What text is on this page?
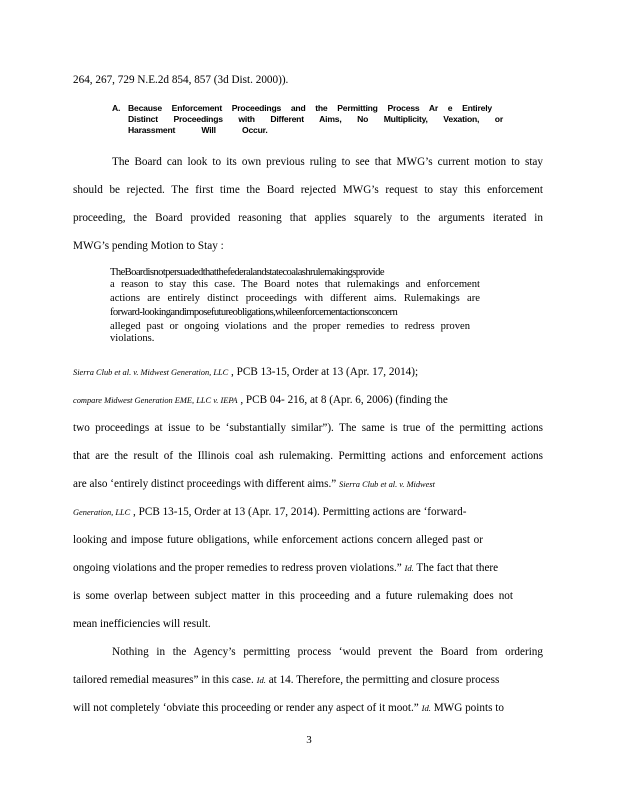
264, 267, 729 N.E.2d 854, 857 (3d Dist. 2000)).
A. Because Enforcement Proceedings and the Permitting Process Ar e Entirely
Distinct Proceedings with Different Aims, No Multiplicity, Vexation, or
Harassment Will Occur.
The Board can look to its own previous ruling to see that MWG’s current motion to stay
should be rejected. The first time the Board rejected MWG’s request to stay this enforcement
proceeding, the Board provided reasoning that applies squarely to the arguments iterated in
MWG’s pending Motion to Stay :
TheBoardisnotpersuadedthatthefederalandstatecoalashrulemakingsprovide
a reason to stay this case. The Board notes that rulemakings and enforcement
actions are entirely distinct proceedings with different aims. Rulemakings are
forward-lookingandimposefutureobligations,whileenforcementactionsconcern
alleged past or ongoing violations and the proper remedies to redress proven
violations.
Sierra Club et al. v. Midwest Generation, LLC , PCB 13-15, Order at 13 (Apr. 17, 2014);
compare Midwest Generation EME, LLC v. IEPA , PCB 04- 216, at 8 (Apr. 6, 2006) (finding the
two proceedings at issue to be ‘substantially similar”). The same is true of the permitting actions
that are the result of the Illinois coal ash rulemaking. Permitting actions and enforcement actions
are also ‘entirely distinct proceedings with different aims.” Sierra Club et al. v. Midwest
Generation, LLC , PCB 13-15, Order at 13 (Apr. 17, 2014). Permitting actions are ‘forward-
looking and impose future obligations, while enforcement actions concern alleged past or
ongoing violations and the proper remedies to redress proven violations.” Id. The fact that there
is some overlap between subject matter in this proceeding and a future rulemaking does not
mean inefficiencies will result.
Nothing in the Agency’s permitting process ‘would prevent the Board from ordering
tailored remedial measures” in this case. Id. at 14. Therefore, the permitting and closure process
will not completely ‘obviate this proceeding or render any aspect of it moot.” Id. MWG points to
3
